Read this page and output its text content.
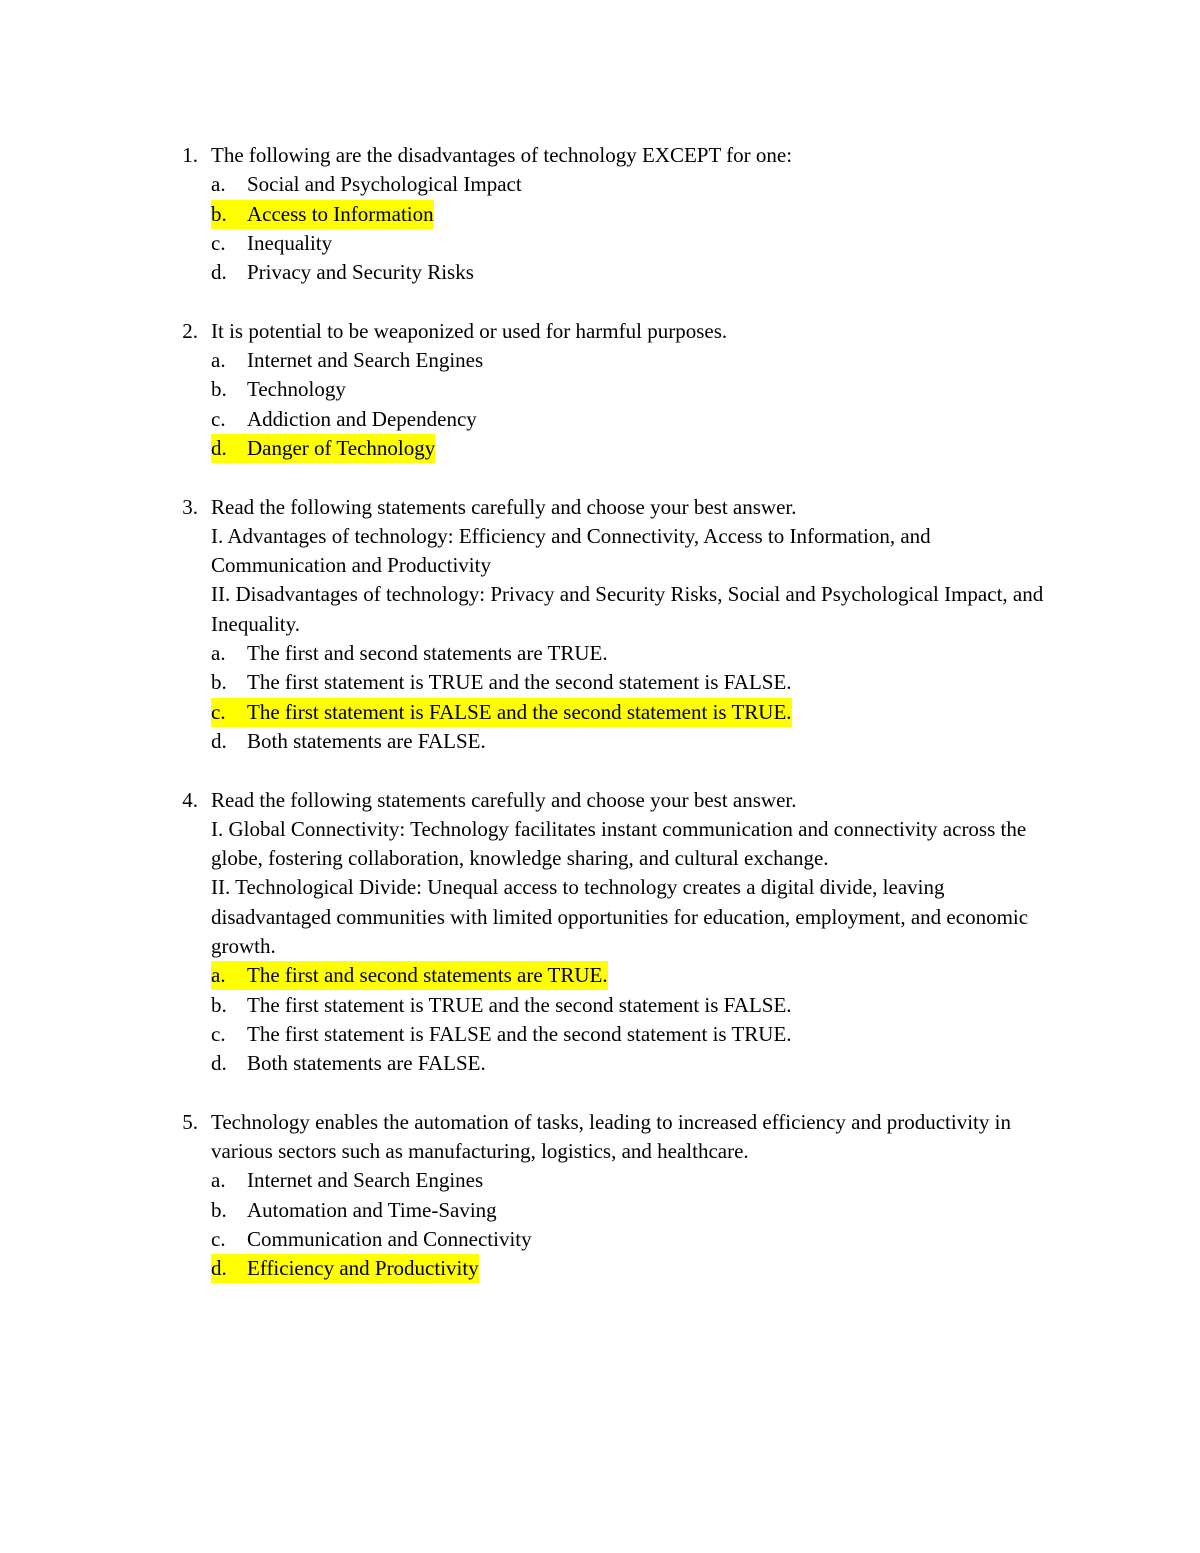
1. The following are the disadvantages of technology EXCEPT for one:
a. Social and Psychological Impact
b. Access to Information
c. Inequality
d. Privacy and Security Risks
2. It is potential to be weaponized or used for harmful purposes.
a. Internet and Search Engines
b. Technology
c. Addiction and Dependency
d. Danger of Technology
3. Read the following statements carefully and choose your best answer.
I. Advantages of technology: Efficiency and Connectivity, Access to Information, and Communication and Productivity
II. Disadvantages of technology: Privacy and Security Risks, Social and Psychological Impact, and Inequality.
a. The first and second statements are TRUE.
b. The first statement is TRUE and the second statement is FALSE.
c. The first statement is FALSE and the second statement is TRUE.
d. Both statements are FALSE.
4. Read the following statements carefully and choose your best answer.
I. Global Connectivity: Technology facilitates instant communication and connectivity across the globe, fostering collaboration, knowledge sharing, and cultural exchange.
II. Technological Divide: Unequal access to technology creates a digital divide, leaving disadvantaged communities with limited opportunities for education, employment, and economic growth.
a. The first and second statements are TRUE.
b. The first statement is TRUE and the second statement is FALSE.
c. The first statement is FALSE and the second statement is TRUE.
d. Both statements are FALSE.
5. Technology enables the automation of tasks, leading to increased efficiency and productivity in various sectors such as manufacturing, logistics, and healthcare.
a. Internet and Search Engines
b. Automation and Time-Saving
c. Communication and Connectivity
d. Efficiency and Productivity
